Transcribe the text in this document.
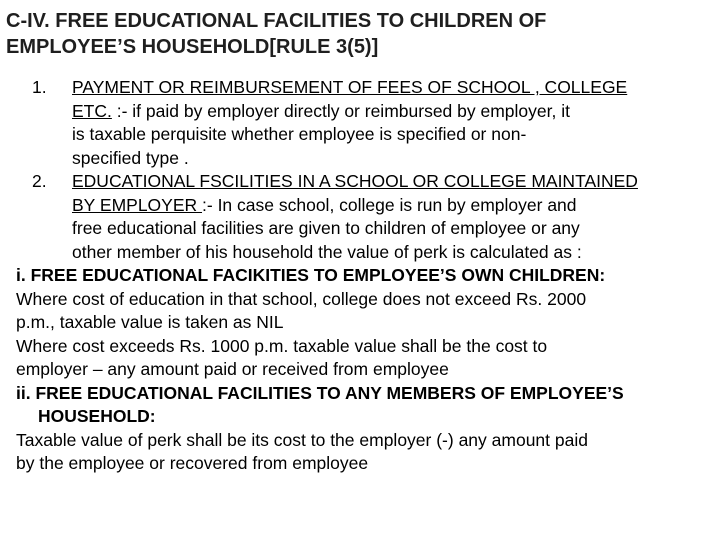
C-IV. FREE EDUCATIONAL FACILITIES TO CHILDREN OF
EMPLOYEE’S HOUSEHOLD[RULE 3(5)]
1. PAYMENT OR REIMBURSEMENT OF FEES OF SCHOOL , COLLEGE
ETC. :- if paid by employer directly or reimbursed by employer, it
is taxable perquisite whether employee is specified or non-
specified type .
2. EDUCATIONAL FSCILITIES IN A SCHOOL OR COLLEGE MAINTAINED
BY EMPLOYER :- In case school, college is run by employer and
free educational facilities are given to children of employee or any
other member of his household the value of perk is calculated as :
i. FREE EDUCATIONAL FACIKITIES TO EMPLOYEE’S OWN CHILDREN:
Where cost of education in that school, college does not exceed Rs. 2000
p.m., taxable value is taken as NIL
Where cost exceeds Rs. 1000 p.m. taxable value shall be the cost to
employer – any amount paid or received from employee
ii. FREE EDUCATIONAL FACILITIES TO ANY MEMBERS OF EMPLOYEE’S
HOUSEHOLD:
Taxable value of perk shall be its cost to the employer (-) any amount paid
by the employee or recovered from employee
